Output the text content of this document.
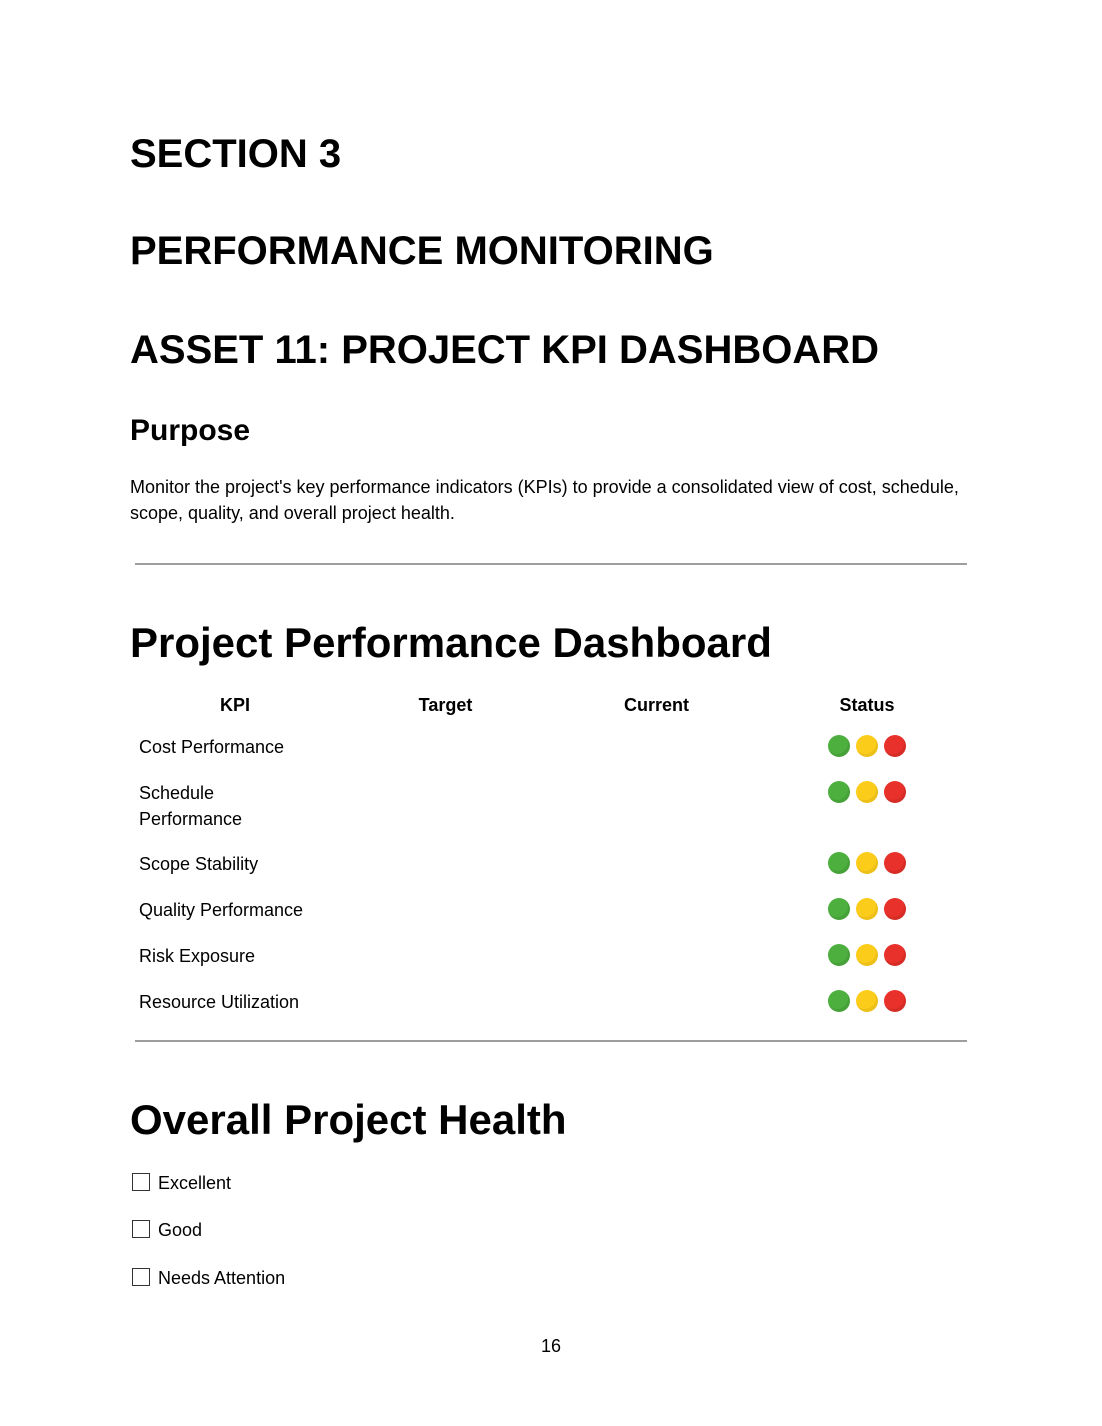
SECTION 3
PERFORMANCE MONITORING
ASSET 11: PROJECT KPI DASHBOARD
Purpose

Monitor the project's key performance indicators (KPIs) to provide a consolidated view of cost, schedule, scope, quality, and overall project health.

Project Performance Dashboard
KPI	Target	Current	Status

Cost Performance			

Schedule Performance			

Scope Stability			

Quality Performance			

Risk Exposure			

Resource Utilization			

Overall Project Health
Excellent
Good
Needs Attention
16
